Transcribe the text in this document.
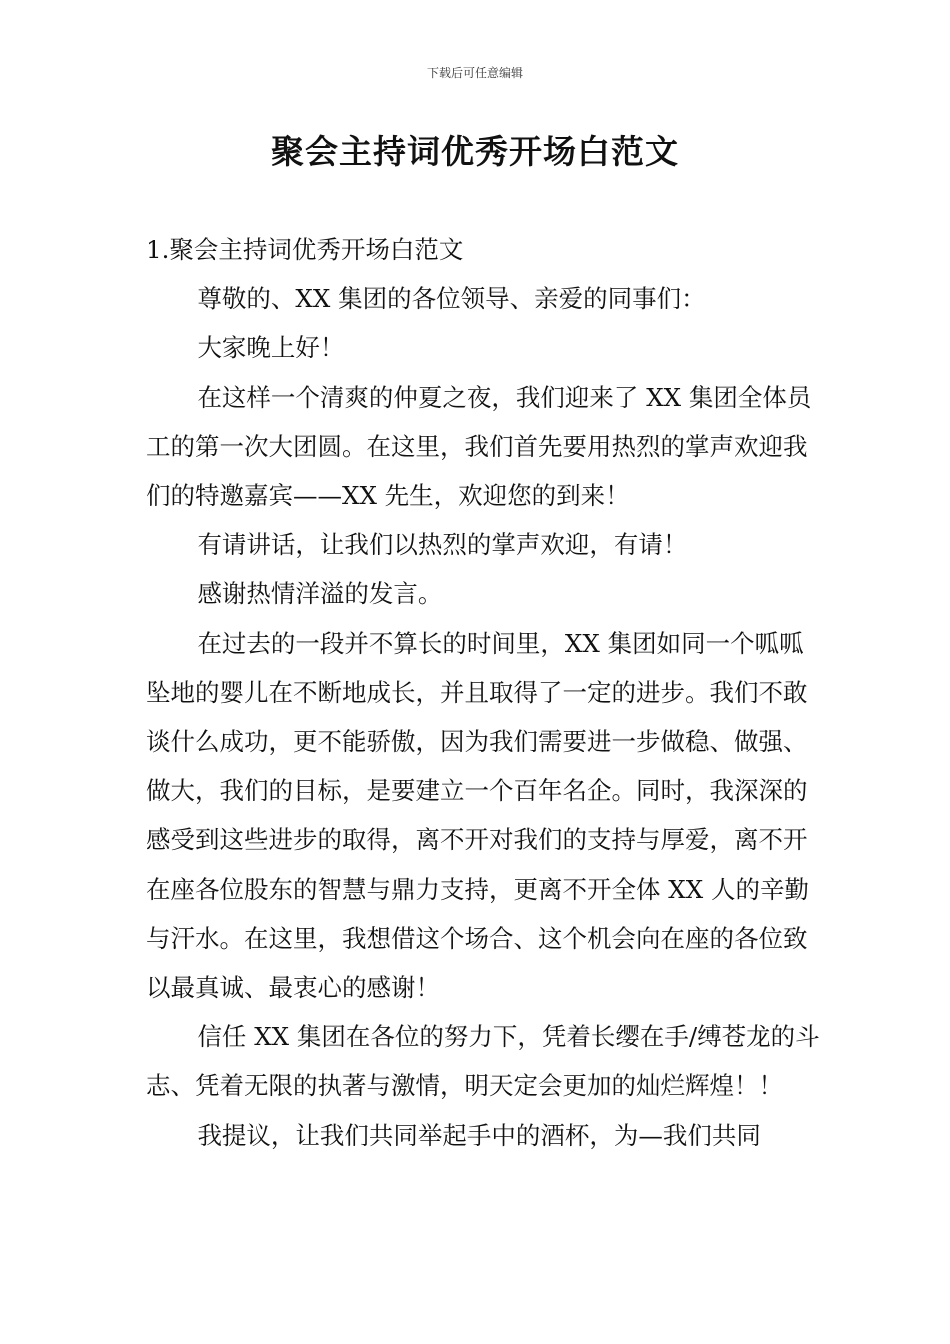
下载后可任意编辑
聚会主持词优秀开场白范文

1.聚会主持词优秀开场白范文

尊敬的、XX 集团的各位领导、亲爱的同事们：

大家晚上好！

在这样一个清爽的仲夏之夜，我们迎来了 XX 集团全体员工的第一次大团圆。在这里，我们首先要用热烈的掌声欢迎我们的特邀嘉宾——XX 先生，欢迎您的到来！

有请讲话，让我们以热烈的掌声欢迎，有请！

感谢热情洋溢的发言。

在过去的一段并不算长的时间里，XX 集团如同一个呱呱坠地的婴儿在不断地成长，并且取得了一定的进步。我们不敢谈什么成功，更不能骄傲，因为我们需要进一步做稳、做强、做大，我们的目标，是要建立一个百年名企。同时，我深深的感受到这些进步的取得，离不开对我们的支持与厚爱，离不开在座各位股东的智慧与鼎力支持，更离不开全体 XX 人的辛勤与汗水。在这里，我想借这个场合、这个机会向在座的各位致以最真诚、最衷心的感谢！

信任 XX 集团在各位的努力下，凭着长缨在手/缚苍龙的斗志、凭着无限的执著与激情，明天定会更加的灿烂辉煌！！

我提议，让我们共同举起手中的酒杯，为—我们共同
